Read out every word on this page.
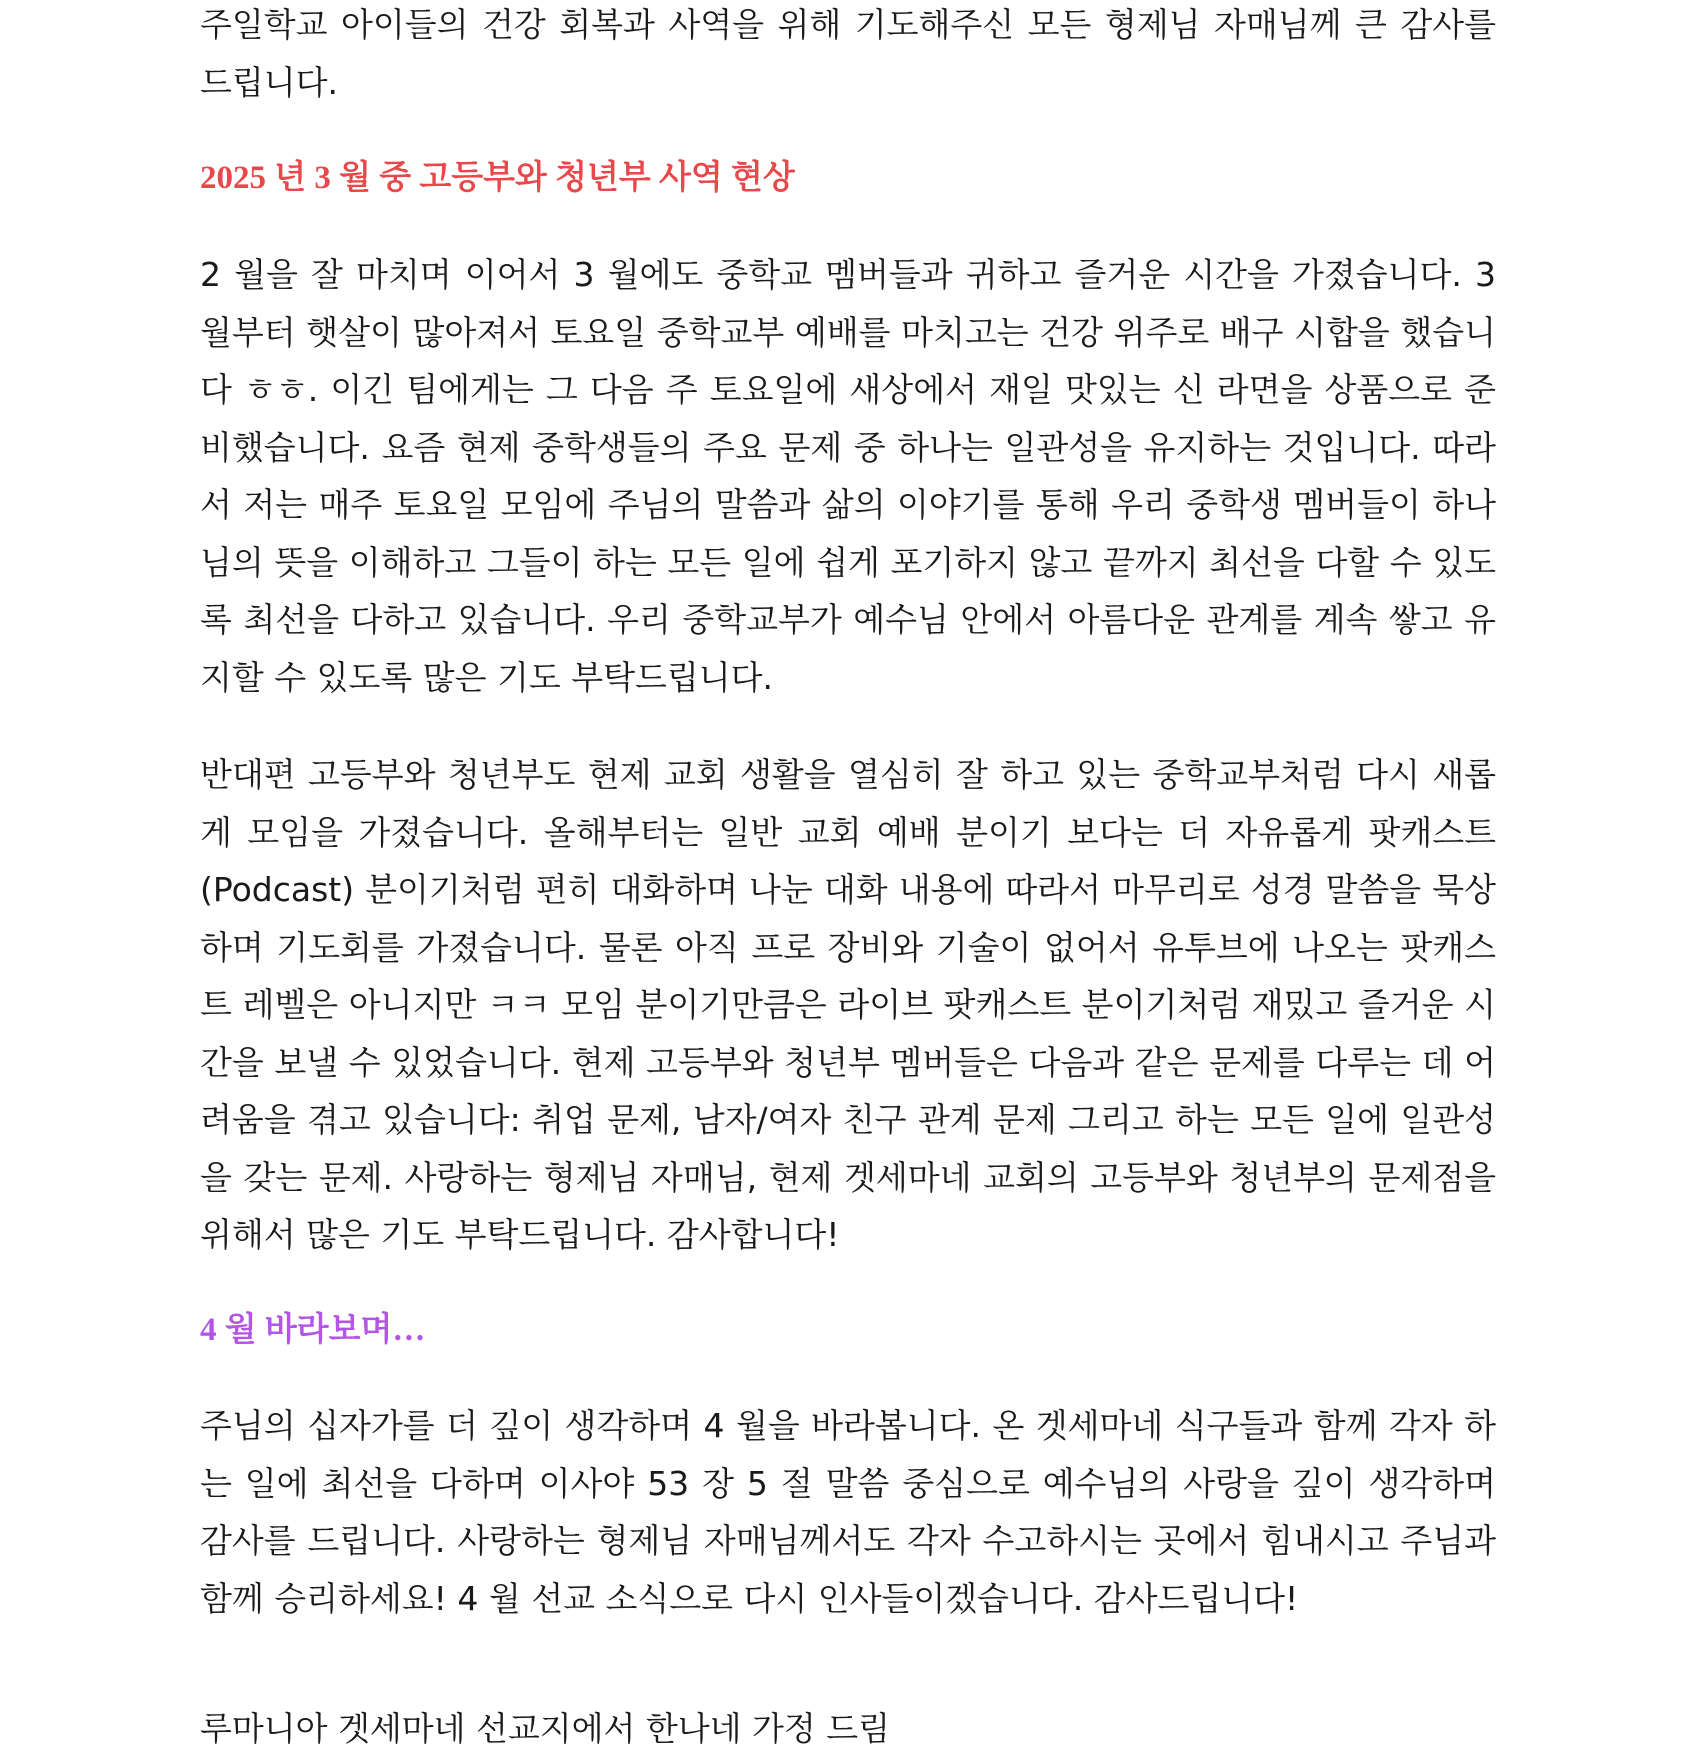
주일학교 아이들의 건강 회복과 사역을 위해 기도해주신 모든 형제님 자매님께 큰 감사를 드립니다.

2025 년 3 월 중 고등부와 청년부 사역 현상

2 월을 잘 마치며 이어서 3 월에도 중학교 멤버들과 귀하고 즐거운 시간을 가졌습니다. 3 월부터 햇살이 많아져서 토요일 중학교부 예배를 마치고는 건강 위주로 배구 시합을 했습니다 ㅎㅎ. 이긴 팀에게는 그 다음 주 토요일에 새상에서 재일 맛있는 신 라면을 상품으로 준비했습니다. 요즘 현제 중학생들의 주요 문제 중 하나는 일관성을 유지하는 것입니다. 따라서 저는 매주 토요일 모임에 주님의 말씀과 삶의 이야기를 통해 우리 중학생 멤버들이 하나님의 뜻을 이해하고 그들이 하는 모든 일에 쉽게 포기하지 않고 끝까지 최선을 다할 수 있도록 최선을 다하고 있습니다. 우리 중학교부가 예수님 안에서 아름다운 관계를 계속 쌓고 유지할 수 있도록 많은 기도 부탁드립니다.

반대편 고등부와 청년부도 현제 교회 생활을 열심히 잘 하고 있는 중학교부처럼 다시 새롭게 모임을 가졌습니다. 올해부터는 일반 교회 예배 분이기 보다는 더 자유롭게 팟캐스트(Podcast) 분이기처럼 편히 대화하며 나눈 대화 내용에 따라서 마무리로 성경 말씀을 묵상하며 기도회를 가졌습니다. 물론 아직 프로 장비와 기술이 없어서 유투브에 나오는 팟캐스트 레벨은 아니지만 ㅋㅋ 모임 분이기만큼은 라이브 팟캐스트 분이기처럼 재밌고 즐거운 시간을 보낼 수 있었습니다. 현제 고등부와 청년부 멤버들은 다음과 같은 문제를 다루는 데 어려움을 겪고 있습니다: 취업 문제, 남자/여자 친구 관계 문제 그리고 하는 모든 일에 일관성을 갖는 문제. 사랑하는 형제님 자매님, 현제 겟세마네 교회의 고등부와 청년부의 문제점을 위해서 많은 기도 부탁드립니다. 감사합니다!

4 월 바라보며…

주님의 십자가를 더 깊이 생각하며 4 월을 바라봅니다. 온 겟세마네 식구들과 함께 각자 하는 일에 최선을 다하며 이사야 53 장 5 절 말씀 중심으로 예수님의 사랑을 깊이 생각하며 감사를 드립니다. 사랑하는 형제님 자매님께서도 각자 수고하시는 곳에서 힘내시고 주님과 함께 승리하세요! 4 월 선교 소식으로 다시 인사들이겠습니다. 감사드립니다!

루마니아 겟세마네 선교지에서 한나네 가정 드림
